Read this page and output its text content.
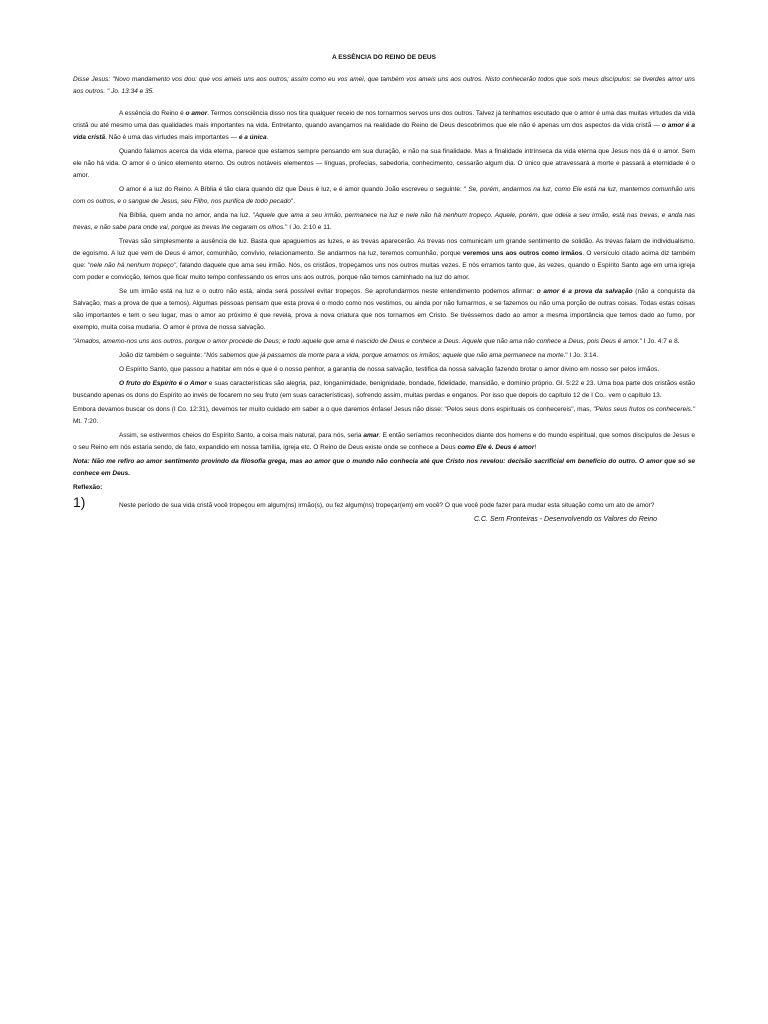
A ESSÊNCIA DO REINO DE DEUS

Disse Jesus: "Novo mandamento vos dou: que vos ameis uns aos outros; assim como eu vos amei, que também vos ameis uns aos outros. Nisto conhecerão todos que sois meus discípulos: se tiverdes amor uns aos outros. " Jo. 13:34 e 35.

A essência do Reino é o amor. Termos consciência disso nos tira qualquer receio de nos tornarmos servos uns dos outros. Talvez já tenhamos escutado que o amor é uma das muitas virtudes da vida cristã ou até mesmo uma das qualidades mais importantes na vida. Entretanto, quando avançamos na realidade do Reino de Deus descobrimos que ele não é apenas um dos aspectos da vida cristã — o amor é a vida cristã. Não é uma das virtudes mais importantes — é a única.

Quando falamos acerca da vida eterna, parece que estamos sempre pensando em sua duração, e não na sua finalidade. Mas a finalidade intrínseca da vida eterna que Jesus nos dá é o amor. Sem ele não há vida. O amor é o único elemento eterno. Os outros notáveis elementos — línguas, profecias, sabedoria, conhecimento, cessarão algum dia. O único que atravessará a morte e passará a eternidade é o amor.

O amor é a luz do Reino. A Bíblia é tão clara quando diz que Deus é luz, e é amor quando João escreveu o seguinte: " Se, porém, andarmos na luz, como Ele está na luz, mantemos comunhão uns com os outros, e o sangue de Jesus, seu Filho, nos purifica de todo pecado".

Na Bíblia, quem anda no amor, anda na luz. "Aquele que ama a seu irmão, permanece na luz e nele não há nenhum tropeço. Aquele, porém, que odeia a seu irmão, está nas trevas, e anda nas trevas, e não sabe para onde vai, porque as trevas lhe cegaram os olhos." I Jo. 2:10 e 11.

Trevas são simplesmente a ausência de luz. Basta que apaguemos as luzes, e as trevas aparecerão. As trevas nos comunicam um grande sentimento de solidão. As trevas falam de individualismo, de egoísmo. A luz que vem de Deus é amor, comunhão, convívio, relacionamento. Se andarmos na luz, teremos comunhão, porque veremos uns aos outros como irmãos. O versículo citado acima diz também que: "nele não há nenhum tropeço", falando daquele que ama seu irmão. Nós, os cristãos, tropeçamos uns nos outros muitas vezes. E nós erramos tanto que, às vezes, quando o Espírito Santo age em uma igreja com poder e convicção, temos que ficar muito tempo confessando os erros uns aos outros, porque não temos caminhado na luz do amor.

Se um irmão está na luz e o outro não está, ainda será possível evitar tropeços. Se aprofundarmos neste entendimento podemos afirmar: o amor é a prova da salvação (não a conquista da Salvação, mas a prova de que a temos). Algumas pessoas pensam que esta prova é o modo como nos vestimos, ou ainda por não fumarmos, e se fazemos ou não uma porção de outras coisas. Todas estas coisas são importantes e tem o seu lugar, mas o amor ao próximo é que revela, prova a nova criatura que nos tornamos em Cristo. Se tivéssemos dado ao amor a mesma importância que temos dado ao fumo, por exemplo, muita coisa mudaria. O amor é prova de nossa salvação.

"Amados, amemo-nos uns aos outros, porque o amor procede de Deus; e todo aquele que ama é nascido de Deus e conhece a Deus. Aquele que não ama não conhece a Deus, pois Deus é amor." I Jo. 4:7 e 8.

João diz também o seguinte: "Nós sabemos que já passamos da morte para a vida, porque amamos os irmãos; aquele que não ama permanece na morte." I Jo. 3:14.

O Espírito Santo, que passou a habitar em nós e que é o nosso penhor, a garantia de nossa salvação, testifica da nossa salvação fazendo brotar o amor divino em nosso ser pelos irmãos.

O fruto do Espírito é o Amor e suas características são alegria, paz, longanimidade, benignidade, bondade, fidelidade, mansidão, e domínio próprio. Gl. 5:22 e 23. Uma boa parte dos cristãos estão buscando apenas os dons do Espírito ao invés de focarem no seu fruto (em suas características), sofrendo assim, muitas perdas e enganos. Por isso que depois do capítulo 12 de I Co.. vem o capítulo 13.

Embora devamos buscar os dons (I Co. 12:31), devemos ter muito cuidado em saber a o que daremos ênfase! Jesus não disse: "Pelos seus dons espirituais os conhecereis", mas, "Pelos seus frutos os conhecereis." Mt. 7:20.

Assim, se estivermos cheios do Espírito Santo, a coisa mais natural, para nós, seria amar. E então seríamos reconhecidos diante dos homens e do mundo espiritual, que somos discípulos de Jesus e o seu Reino em nós estaria sendo, de fato, expandido em nossa família, igreja etc. O Reino de Deus existe onde se conhece a Deus como Ele é. Deus é amor!

Nota: Não me refiro ao amor sentimento provindo da filosofia grega, mas ao amor que o mundo não conhecia até que Cristo nos revelou: decisão sacrificial em benefício do outro. O amor que só se conhece em Deus.

Reflexão:

1)	Neste período de sua vida cristã você tropeçou em algum(ns) irmão(s), ou fez algum(ns) tropeçar(em) em você? O que você pode fazer para mudar esta situação como um ato de amor?
C.C. Sem Fronteiras - Desenvolvendo os Valores do Reino
